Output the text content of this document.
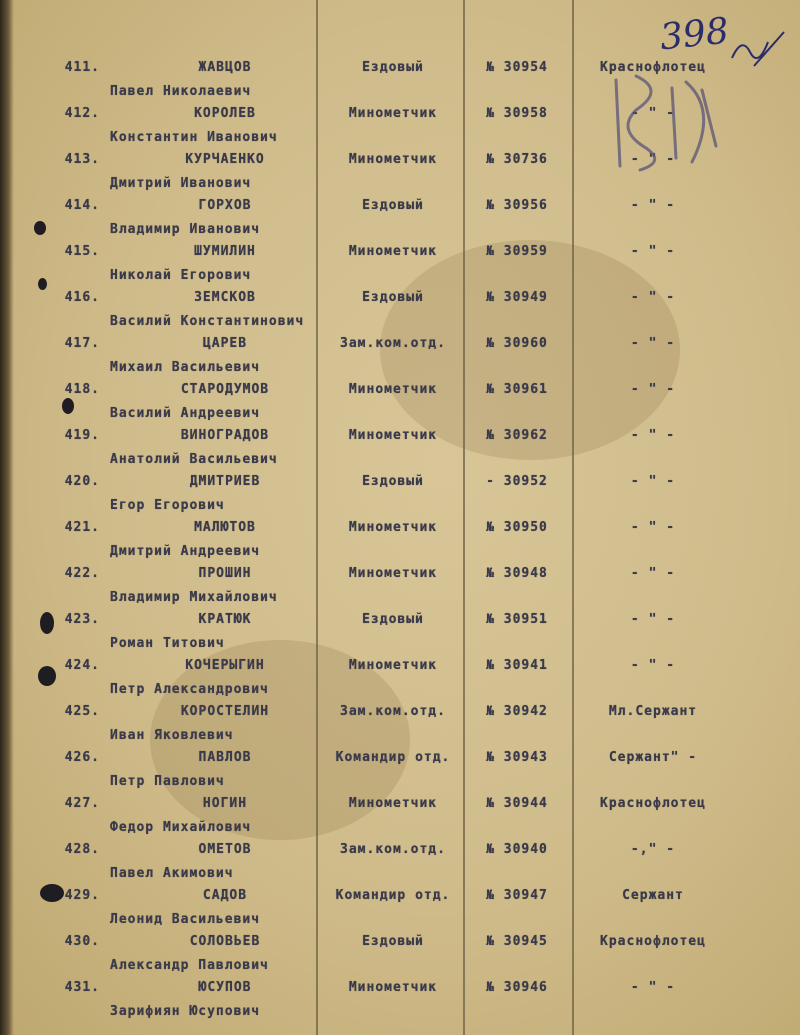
411.	ЖАВЦОВ	Ездовый	№ 30954	Краснофлотец
Павел Николаевич
412.	КОРОЛЕВ	Минометчик	№ 30958	- " -
Константин Иванович
413.	КУРЧАЕНКО	Минометчик	№ 30736	- " -
Дмитрий Иванович
414.	ГОРХОВ	Ездовый	№ 30956	- " -
Владимир Иванович
415.	ШУМИЛИН	Минометчик	№ 30959	- " -
Николай Егорович
416.	ЗЕМСКОВ	Ездовый	№ 30949	- " -
Василий Константинович
417.	ЦАРЕВ	Зам.ком.отд.	№ 30960	- " -
Михаил Васильевич
418.	СТАРОДУМОВ	Минометчик	№ 30961	- " -
Василий Андреевич
419.	ВИНОГРАДОВ	Минометчик	№ 30962	- " -
Анатолий Васильевич
420.	ДМИТРИЕВ	Ездовый	- 30952	- " -
Егор Егорович
421.	МАЛЮТОВ	Минометчик	№ 30950	- " -
Дмитрий Андреевич
422.	ПРОШИН	Минометчик	№ 30948	- " -
Владимир Михайлович
423.	КРАТЮК	Ездовый	№ 30951	- " -
Роман Титович
424.	КОЧЕРЫГИН	Минометчик	№ 30941	- " -
Петр Александрович
425.	КОРОСТЕЛИН	Зам.ком.отд.	№ 30942	Мл.Сержант
Иван Яковлевич
426.	ПАВЛОВ	Командир отд.	№ 30943	Сержант" -
Петр Павлович
427.	НОГИН	Минометчик	№ 30944	Краснофлотец
Федор Михайлович
428.	ОМЕТОВ	Зам.ком.отд.	№ 30940	-," -
Павел Акимович
429.	САДОВ	Командир отд.	№ 30947	Сержант
Леонид Васильевич
430.	СОЛОВЬЕВ	Ездовый	№ 30945	Краснофлотец
Александр Павлович
431.	ЮСУПОВ	Минометчик	№ 30946	- " -
Зарифиян Юсупович
398
